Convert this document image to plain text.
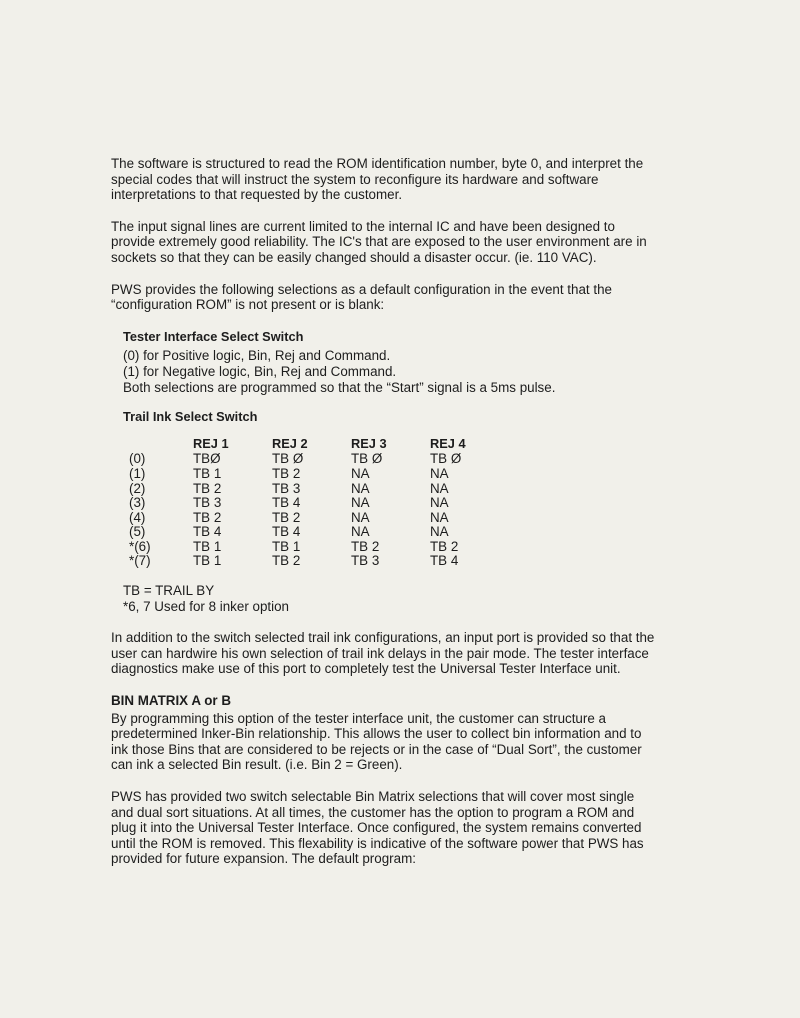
The software is structured to read the ROM identification number, byte 0, and interpret the special codes that will instruct the system to reconfigure its hardware and software interpretations to that requested by the customer.

The input signal lines are current limited to the internal IC and have been designed to provide extremely good reliability. The IC's that are exposed to the user environment are in sockets so that they can be easily changed should a disaster occur. (ie. 110 VAC).

PWS provides the following selections as a default configuration in the event that the “configuration ROM” is not present or is blank:

Tester Interface Select Switch
(0) for Positive logic, Bin, Rej and Command.
(1) for Negative logic, Bin, Rej and Command.
Both selections are programmed so that the “Start” signal is a 5ms pulse.
Trail Ink Select Switch
	REJ 1	REJ 2	REJ 3	REJ 4
(0)	TBØ	TB Ø	TB Ø	TB Ø
(1)	TB 1	TB 2	NA	NA
(2)	TB 2	TB 3	NA	NA
(3)	TB 3	TB 4	NA	NA
(4)	TB 2	TB 2	NA	NA
(5)	TB 4	TB 4	NA	NA
*(6)	TB 1	TB 1	TB 2	TB 2
*(7)	TB 1	TB 2	TB 3	TB 4
TB = TRAIL BY
*6, 7 Used for 8 inker option

In addition to the switch selected trail ink configurations, an input port is provided so that the user can hardwire his own selection of trail ink delays in the pair mode. The tester interface diagnostics make use of this port to completely test the Universal Tester Interface unit.

BIN MATRIX A or B

By programming this option of the tester interface unit, the customer can structure a predetermined Inker-Bin relationship. This allows the user to collect bin information and to ink those Bins that are considered to be rejects or in the case of “Dual Sort”, the customer can ink a selected Bin result. (i.e. Bin 2 = Green).

PWS has provided two switch selectable Bin Matrix selections that will cover most single and dual sort situations. At all times, the customer has the option to program a ROM and plug it into the Universal Tester Interface. Once configured, the system remains converted until the ROM is removed. This flexability is indicative of the software power that PWS has provided for future expansion. The default program:
